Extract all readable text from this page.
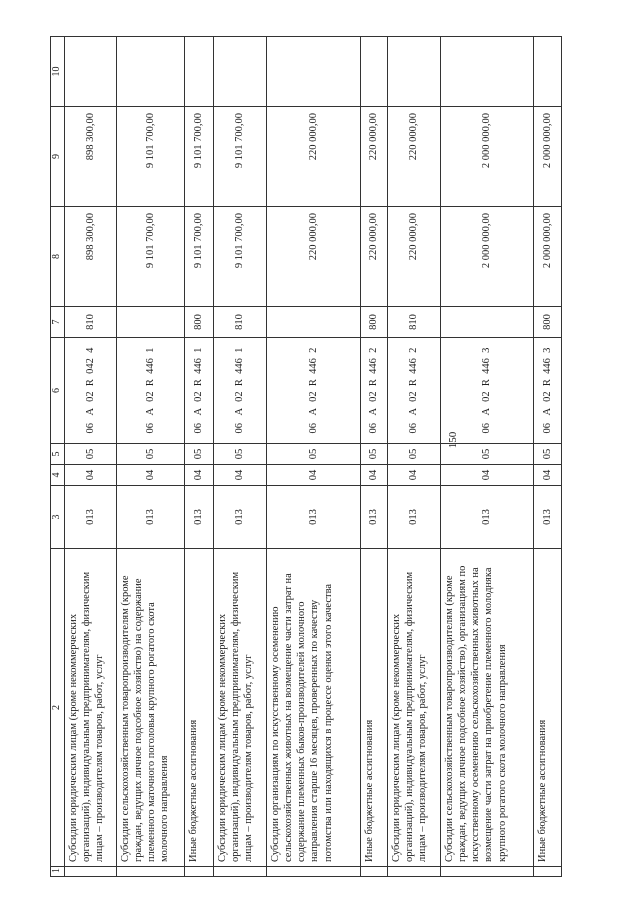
150
1	2	3	4	5	6	7	8	9	10
	Субсидии юридическим лицам (кроме некоммерческих организаций), индивидуальным предпринимателям, физическим лицам – производителям товаров, работ, услуг	013	04	05	06А 02  R  042  4	810	898 300,00	898 300,00	
	Субсидии сельскохозяйственным товаропроизводителям (кроме граждан, ведущих личное подсобное хозяйство) на содержание племенного маточного поголовья крупного рогатого скота молочного направления	013	04	05	06А 02  R  446  1		9 101 700,00	9 101 700,00	
	Иные бюджетные ассигнования	013	04	05	06А 02  R  446  1	800	9 101 700,00	9 101 700,00	
	Субсидии юридическим лицам (кроме некоммерческих организаций), индивидуальным предпринимателям, физическим лицам – производителям товаров, работ, услуг	013	04	05	06А 02  R  446  1	810	9 101 700,00	9 101 700,00	
	Субсидии организациям по искусственному осеменению сельскохозяйственных животных на возмещение части затрат на содержание племенных быков-производителей молочного направления старше 16 месяцев, проверенных по качеству потомства или находящихся в процессе оценки этого качества	013	04	05	06А 02  R  446  2		220 000,00	220 000,00	
	Иные бюджетные ассигнования	013	04	05	06А 02  R  446  2	800	220 000,00	220 000,00	
	Субсидии юридическим лицам (кроме некоммерческих организаций), индивидуальным предпринимателям, физическим лицам – производителям товаров, работ, услуг	013	04	05	06А 02  R  446  2	810	220 000,00	220 000,00	
	Субсидии сельскохозяйственным товаропроизводителям (кроме граждан, ведущих личное подсобное хозяйство), организациям по искусственному осеменению сельскохозяйственных животных на возмещение части затрат на приобретение племенного молодняка крупного рогатого скота молочного направления	013	04	05	06А 02  R  446  3		2 000 000,00	2 000 000,00	
	Иные бюджетные ассигнования	013	04	05	06А 02  R  446  3	800	2 000 000,00	2 000 000,00	
